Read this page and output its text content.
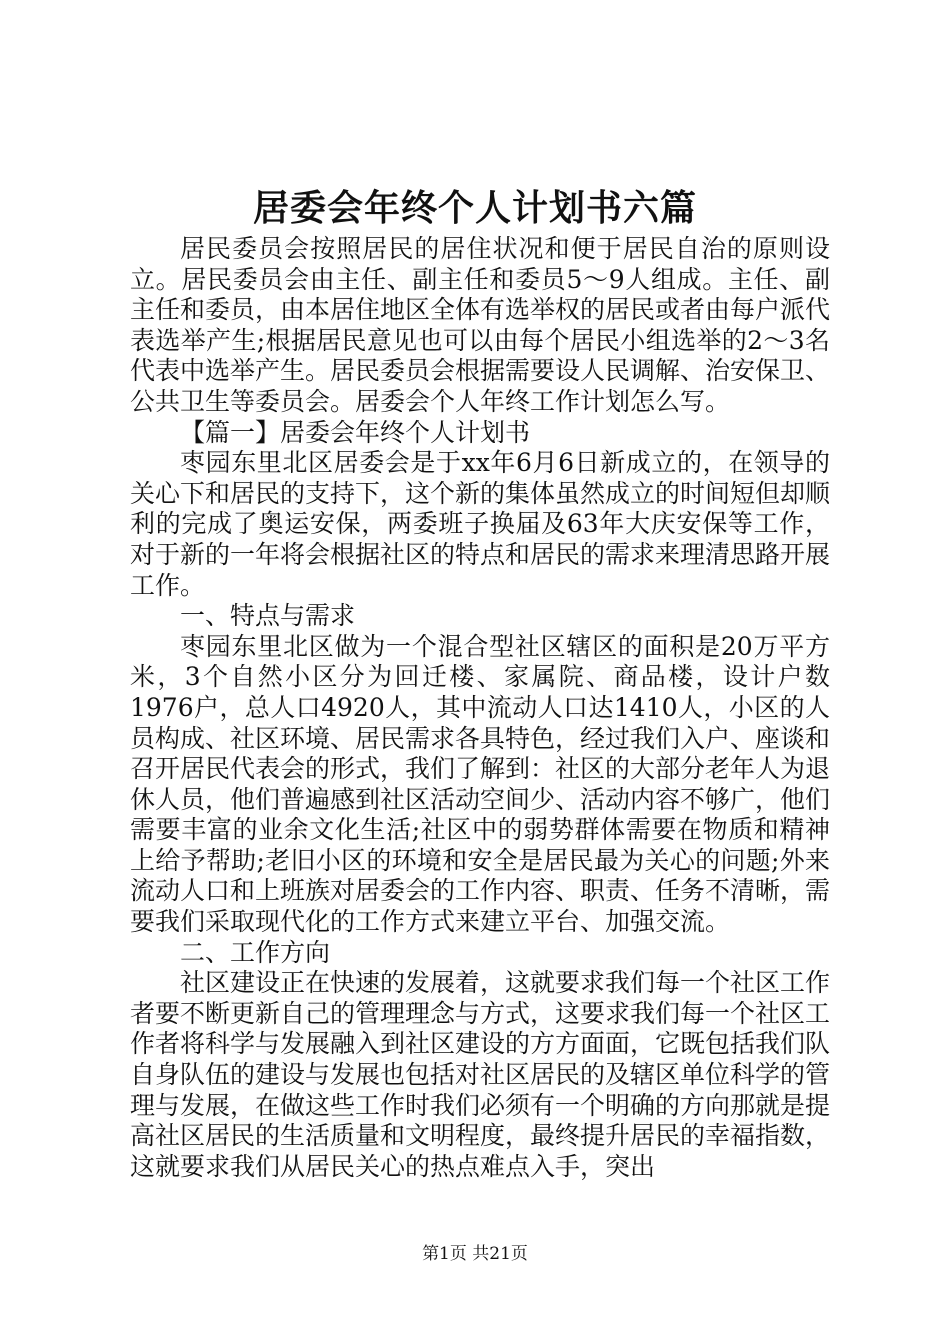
居委会年终个人计划书六篇

居民委员会按照居民的居住状况和便于居民自治的原则设立。居民委员会由主任、副主任和委员5～9人组成。主任、副主任和委员，由本居住地区全体有选举权的居民或者由每户派代表选举产生;根据居民意见也可以由每个居民小组选举的2～3名代表中选举产生。居民委员会根据需要设人民调解、治安保卫、公共卫生等委员会。居委会个人年终工作计划怎么写。

【篇一】居委会年终个人计划书

枣园东里北区居委会是于xx年6月6日新成立的，在领导的关心下和居民的支持下，这个新的集体虽然成立的时间短但却顺利的完成了奥运安保，两委班子换届及63年大庆安保等工作，对于新的一年将会根据社区的特点和居民的需求来理清思路开展工作。

一、特点与需求

枣园东里北区做为一个混合型社区辖区的面积是20万平方米，3个自然小区分为回迁楼、家属院、商品楼，设计户数1976户，总人口4920人，其中流动人口达1410人，小区的人员构成、社区环境、居民需求各具特色，经过我们入户、座谈和召开居民代表会的形式，我们了解到：社区的大部分老年人为退休人员，他们普遍感到社区活动空间少、活动内容不够广，他们需要丰富的业余文化生活;社区中的弱势群体需要在物质和精神上给予帮助;老旧小区的环境和安全是居民最为关心的问题;外来流动人口和上班族对居委会的工作内容、职责、任务不清晰，需要我们采取现代化的工作方式来建立平台、加强交流。

二、工作方向

社区建设正在快速的发展着，这就要求我们每一个社区工作者要不断更新自己的管理理念与方式，这要求我们每一个社区工作者将科学与发展融入到社区建设的方方面面，它既包括我们队自身队伍的建设与发展也包括对社区居民的及辖区单位科学的管理与发展，在做这些工作时我们必须有一个明确的方向那就是提高社区居民的生活质量和文明程度，最终提升居民的幸福指数，这就要求我们从居民关心的热点难点入手，突出

第1页 共21页
